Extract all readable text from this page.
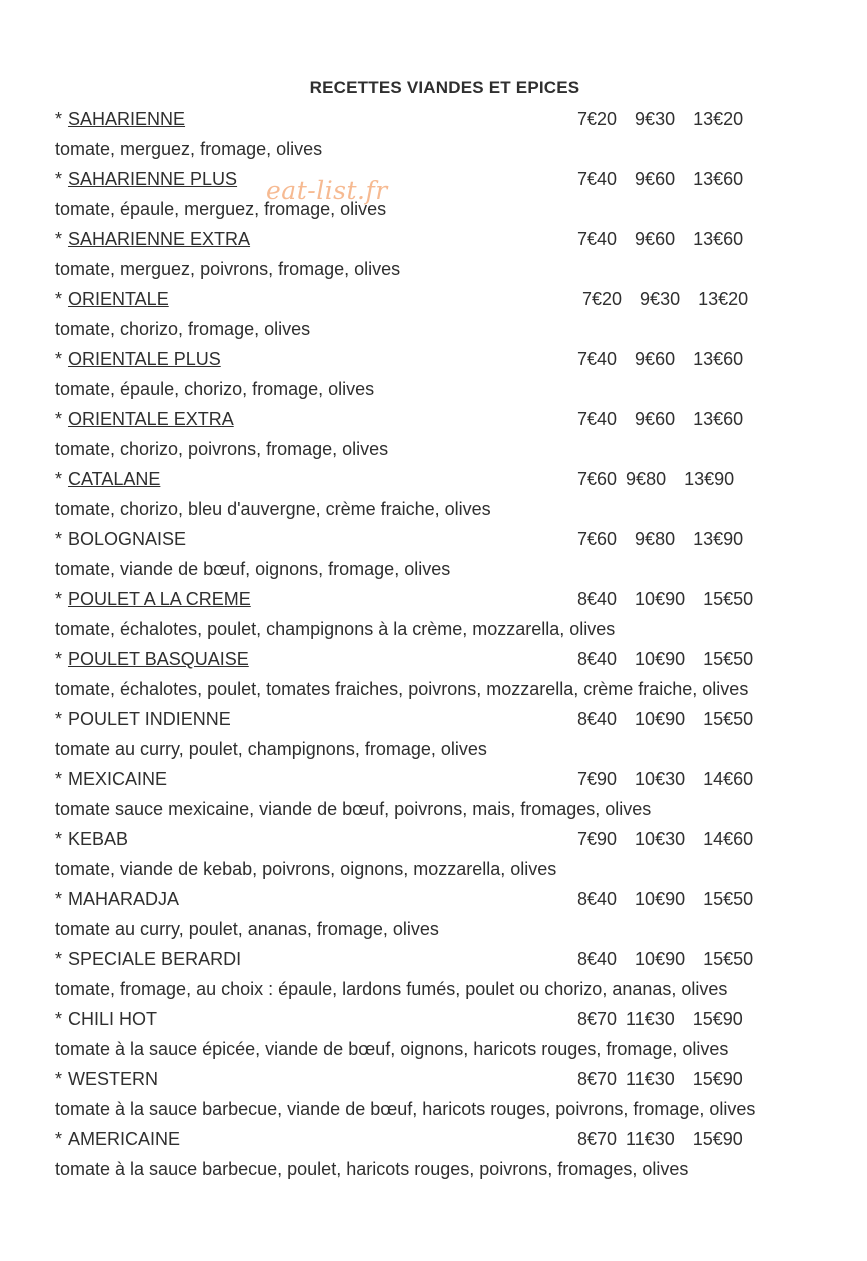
RECETTES VIANDES ET EPICES
eat-list.fr
* SAHARIENNE	7€20  9€30  13€20
tomate, merguez, fromage, olives
* SAHARIENNE PLUS	7€40  9€60  13€60
tomate, épaule, merguez, fromage, olives
* SAHARIENNE EXTRA	7€40  9€60  13€60
tomate, merguez, poivrons, fromage, olives
* ORIENTALE	7€20  9€30  13€20
tomate, chorizo, fromage, olives
* ORIENTALE PLUS	7€40  9€60  13€60
tomate, épaule, chorizo, fromage, olives
* ORIENTALE EXTRA	7€40  9€60  13€60
tomate, chorizo, poivrons, fromage, olives
* CATALANE	7€60 9€80  13€90
tomate, chorizo, bleu d'auvergne, crème fraiche, olives
* BOLOGNAISE	7€60  9€80  13€90
tomate, viande de bœuf, oignons, fromage, olives
* POULET A LA CREME	8€40  10€90  15€50
tomate, échalotes, poulet, champignons à la crème, mozzarella, olives
* POULET BASQUAISE	8€40  10€90  15€50
tomate, échalotes, poulet, tomates fraiches, poivrons, mozzarella, crème fraiche, olives
* POULET INDIENNE	8€40  10€90  15€50
tomate au curry, poulet, champignons, fromage, olives
* MEXICAINE	7€90  10€30  14€60
tomate sauce mexicaine, viande de bœuf, poivrons, mais, fromages, olives
* KEBAB	7€90  10€30  14€60
tomate, viande de kebab, poivrons, oignons, mozzarella, olives
* MAHARADJA	8€40  10€90  15€50
tomate au curry, poulet, ananas, fromage, olives
* SPECIALE BERARDI	8€40  10€90  15€50
tomate, fromage, au choix : épaule, lardons fumés, poulet ou chorizo, ananas, olives
* CHILI HOT	8€70 11€30  15€90
tomate à la sauce épicée, viande de bœuf, oignons, haricots rouges, fromage, olives
* WESTERN	8€70 11€30  15€90
tomate à la sauce barbecue, viande de bœuf, haricots rouges, poivrons, fromage, olives
* AMERICAINE	8€70 11€30  15€90
tomate à la sauce barbecue, poulet, haricots rouges, poivrons, fromages, olives
